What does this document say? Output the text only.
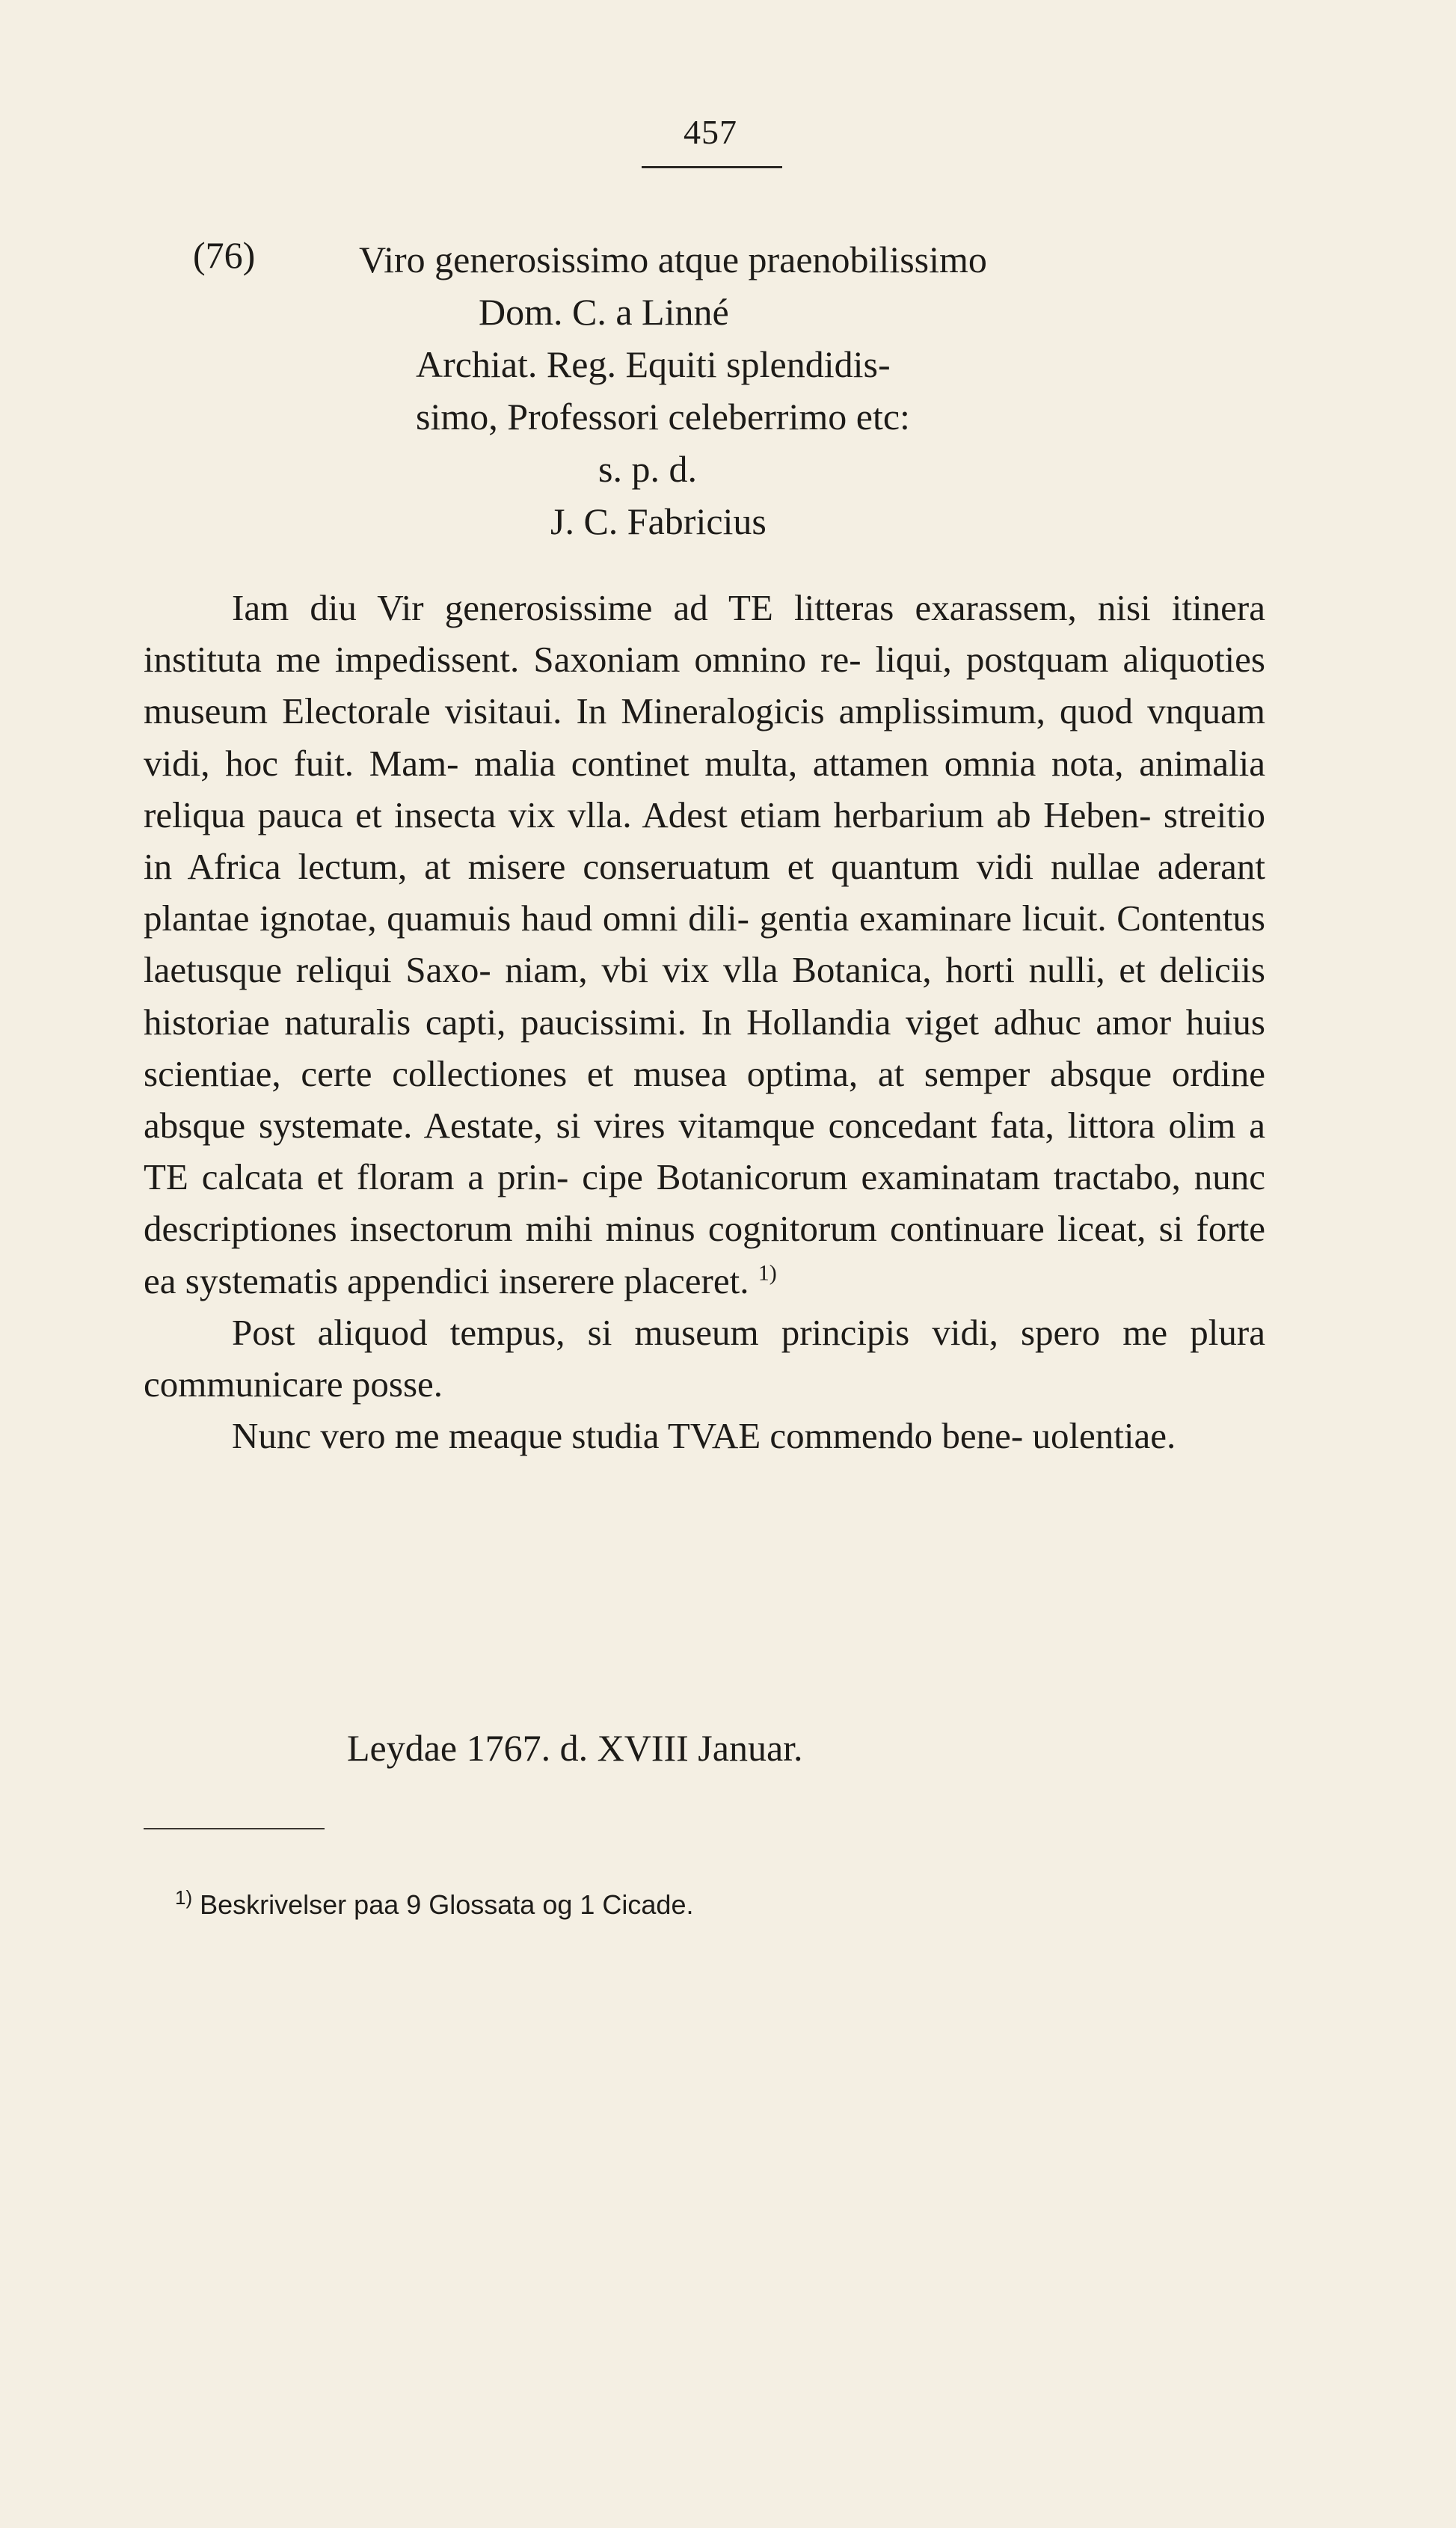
457
(76)	Viro generosissimo atque praenobilissimo
Dom. C. a Linné
Archiat. Reg. Equiti splendidis-
simo, Professori celeberrimo etc:
s. p. d.
J. C. Fabricius

Iam diu Vir generosissime ad TE litteras exarassem, nisi itinera instituta me impedissent. Saxoniam omnino re- liqui, postquam aliquoties museum Electorale visitaui. In Mineralogicis amplissimum, quod vnquam vidi, hoc fuit. Mam- malia continet multa, attamen omnia nota, animalia reliqua pauca et insecta vix vlla. Adest etiam herbarium ab Heben- streitio in Africa lectum, at misere conseruatum et quantum vidi nullae aderant plantae ignotae, quamuis haud omni dili- gentia examinare licuit. Contentus laetusque reliqui Saxo- niam, vbi vix vlla Botanica, horti nulli, et deliciis historiae naturalis capti, paucissimi. In Hollandia viget adhuc amor huius scientiae, certe collectiones et musea optima, at semper absque ordine absque systemate. Aestate, si vires vitamque concedant fata, littora olim a TE calcata et floram a prin- cipe Botanicorum examinatam tractabo, nunc descriptiones insectorum mihi minus cognitorum continuare liceat, si forte ea systematis appendici inserere placeret. $^{1)}$

Post aliquod tempus, si museum principis vidi, spero me plura communicare posse.

Nunc vero me meaque studia TVAE commendo bene- uolentiae.

Leydae 1767. d. XVIII Januar.
$^{1)}$ Beskrivelser paa 9 Glossata og 1 Cicade.
